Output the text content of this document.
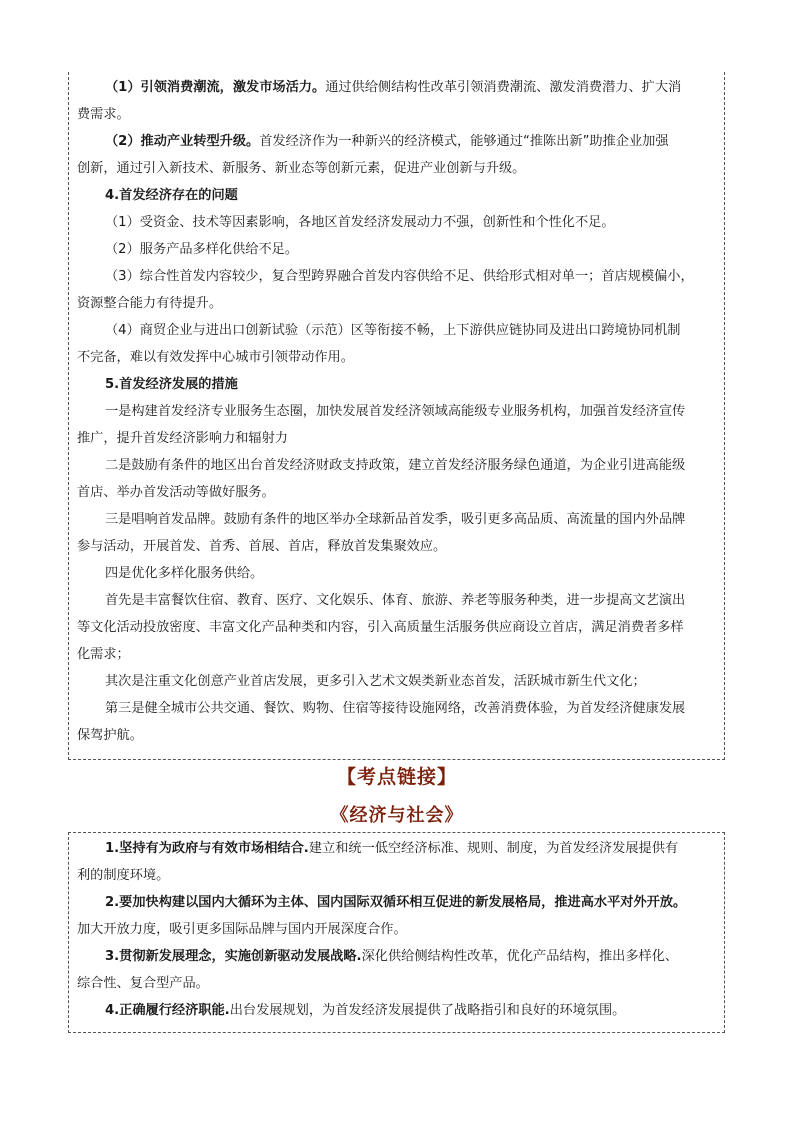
（1）引领消费潮流，激发市场活力。通过供给侧结构性改革引领消费潮流、激发消费潜力、扩大消
费需求。
（2）推动产业转型升级。首发经济作为一种新兴的经济模式，能够通过“推陈出新”助推企业加强
创新，通过引入新技术、新服务、新业态等创新元素，促进产业创新与升级。
4.首发经济存在的问题
（1）受资金、技术等因素影响，各地区首发经济发展动力不强，创新性和个性化不足。
（2）服务产品多样化供给不足。
（3）综合性首发内容较少，复合型跨界融合首发内容供给不足、供给形式相对单一；首店规模偏小，
资源整合能力有待提升。
（4）商贸企业与进出口创新试验（示范）区等衔接不畅，上下游供应链协同及进出口跨境协同机制
不完备，难以有效发挥中心城市引领带动作用。
5.首发经济发展的措施
一是构建首发经济专业服务生态圈，加快发展首发经济领域高能级专业服务机构，加强首发经济宣传
推广，提升首发经济影响力和辐射力
二是鼓励有条件的地区出台首发经济财政支持政策，建立首发经济服务绿色通道，为企业引进高能级
首店、举办首发活动等做好服务。
三是唱响首发品牌。鼓励有条件的地区举办全球新品首发季，吸引更多高品质、高流量的国内外品牌
参与活动，开展首发、首秀、首展、首店，释放首发集聚效应。
四是优化多样化服务供给。
首先是丰富餐饮住宿、教育、医疗、文化娱乐、体育、旅游、养老等服务种类，进一步提高文艺演出
等文化活动投放密度、丰富文化产品种类和内容，引入高质量生活服务供应商设立首店，满足消费者多样
化需求；
其次是注重文化创意产业首店发展，更多引入艺术文娱类新业态首发，活跃城市新生代文化；
第三是健全城市公共交通、餐饮、购物、住宿等接待设施网络，改善消费体验，为首发经济健康发展
保驾护航。
【考点链接】
《经济与社会》
1.坚持有为政府与有效市场相结合.建立和统一低空经济标准、规则、制度，为首发经济发展提供有
利的制度环境。
2.要加快构建以国内大循环为主体、国内国际双循环相互促进的新发展格局，推进高水平对外开放。
加大开放力度，吸引更多国际品牌与国内开展深度合作。
3.贯彻新发展理念，实施创新驱动发展战略.深化供给侧结构性改革，优化产品结构，推出多样化、
综合性、复合型产品。
4.正确履行经济职能.出台发展规划，为首发经济发展提供了战略指引和良好的环境氛围。
